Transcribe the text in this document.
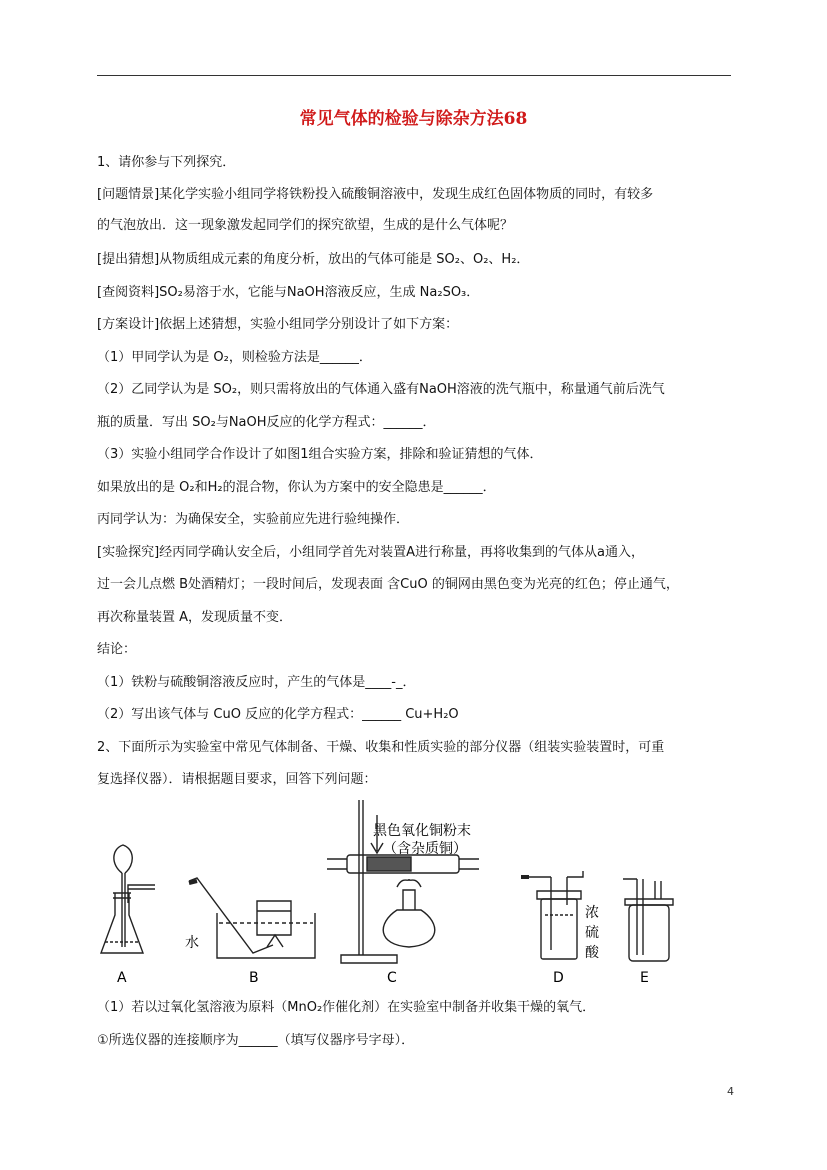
常见气体的检验与除杂方法68
1、请你参与下列探究．
[问题情景]某化学实验小组同学将铁粉投入硫酸铜溶液中，发现生成红色固体物质的同时，有较多
的气泡放出．这一现象激发起同学们的探究欲望，生成的是什么气体呢？
[提出猜想]从物质组成元素的角度分析，放出的气体可能是 SO₂、O₂、H₂．
[查阅资料]SO₂易溶于水，它能与NaOH溶液反应，生成 Na₂SO₃．
[方案设计]依据上述猜想，实验小组同学分别设计了如下方案：
（1）甲同学认为是 O₂，则检验方法是______．
（2）乙同学认为是 SO₂，则只需将放出的气体通入盛有NaOH溶液的洗气瓶中，称量通气前后洗气
瓶的质量．写出 SO₂与NaOH反应的化学方程式：______．
（3）实验小组同学合作设计了如图1组合实验方案，排除和验证猜想的气体．
如果放出的是 O₂和H₂的混合物，你认为方案中的安全隐患是______．
丙同学认为：为确保安全，实验前应先进行验纯操作．
[实验探究]经丙同学确认安全后，小组同学首先对装置A进行称量，再将收集到的气体从a通入，
过一会儿点燃 B处酒精灯；一段时间后，发现表面 含CuO 的铜网由黑色变为光亮的红色；停止通气，
再次称量装置 A，发现质量不变．
结论：
（1）铁粉与硫酸铜溶液反应时，产生的气体是____-_．
（2）写出该气体与 CuO 反应的化学方程式：______ Cu+H₂O
2、下面所示为实验室中常见气体制备、干燥、收集和性质实验的部分仪器（组装实验装置时，可重
复选择仪器）．请根据题目要求，回答下列问题：
A	B	C	D	E
水
黑色氧化铜粉末
（含杂质铜）
浓
硫
酸
（1）若以过氧化氢溶液为原料（MnO₂作催化剂）在实验室中制备并收集干燥的氧气．
①所选仪器的连接顺序为______（填写仪器序号字母）．
4
